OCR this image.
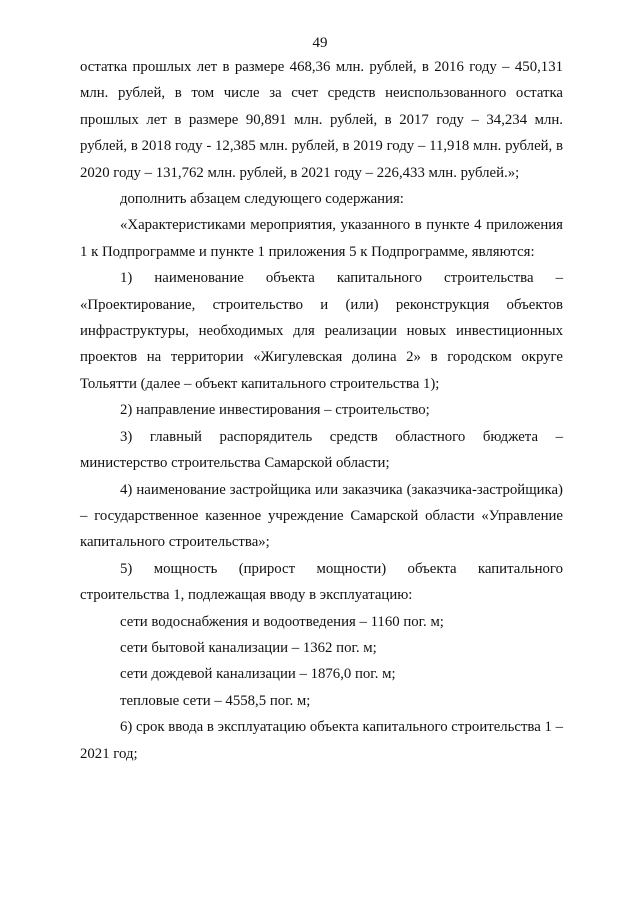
49

остатка прошлых лет в размере 468,36 млн. рублей, в 2016 году – 450,131 млн. рублей, в том числе за счет средств неиспользованного остатка прошлых лет в размере 90,891 млн. рублей, в 2017 году – 34,234 млн. рублей, в 2018 году - 12,385 млн. рублей, в 2019 году – 11,918 млн. рублей, в 2020 году – 131,762 млн. рублей, в 2021 году – 226,433 млн. рублей.»;

дополнить абзацем следующего содержания:

«Характеристиками мероприятия, указанного в пункте 4 приложения 1 к Подпрограмме и пункте 1 приложения 5 к Подпрограмме, являются:

1) наименование объекта капитального строительства – «Проектирование, строительство и (или) реконструкция объектов инфраструктуры, необходимых для реализации новых инвестиционных проектов на территории «Жигулевская долина 2» в городском округе Тольятти (далее – объект капитального строительства 1);

2) направление инвестирования – строительство;

3) главный распорядитель средств областного бюджета – министерство строительства Самарской области;

4) наименование застройщика или заказчика (заказчика-застройщика) – государственное казенное учреждение Самарской области «Управление капитального строительства»;

5) мощность (прирост мощности) объекта капитального строительства 1, подлежащая вводу в эксплуатацию:

сети водоснабжения и водоотведения – 1160 пог. м;

сети бытовой канализации – 1362 пог. м;

сети дождевой канализации – 1876,0 пог. м;

тепловые сети – 4558,5 пог. м;

6) срок ввода в эксплуатацию объекта капитального строительства 1 – 2021 год;
